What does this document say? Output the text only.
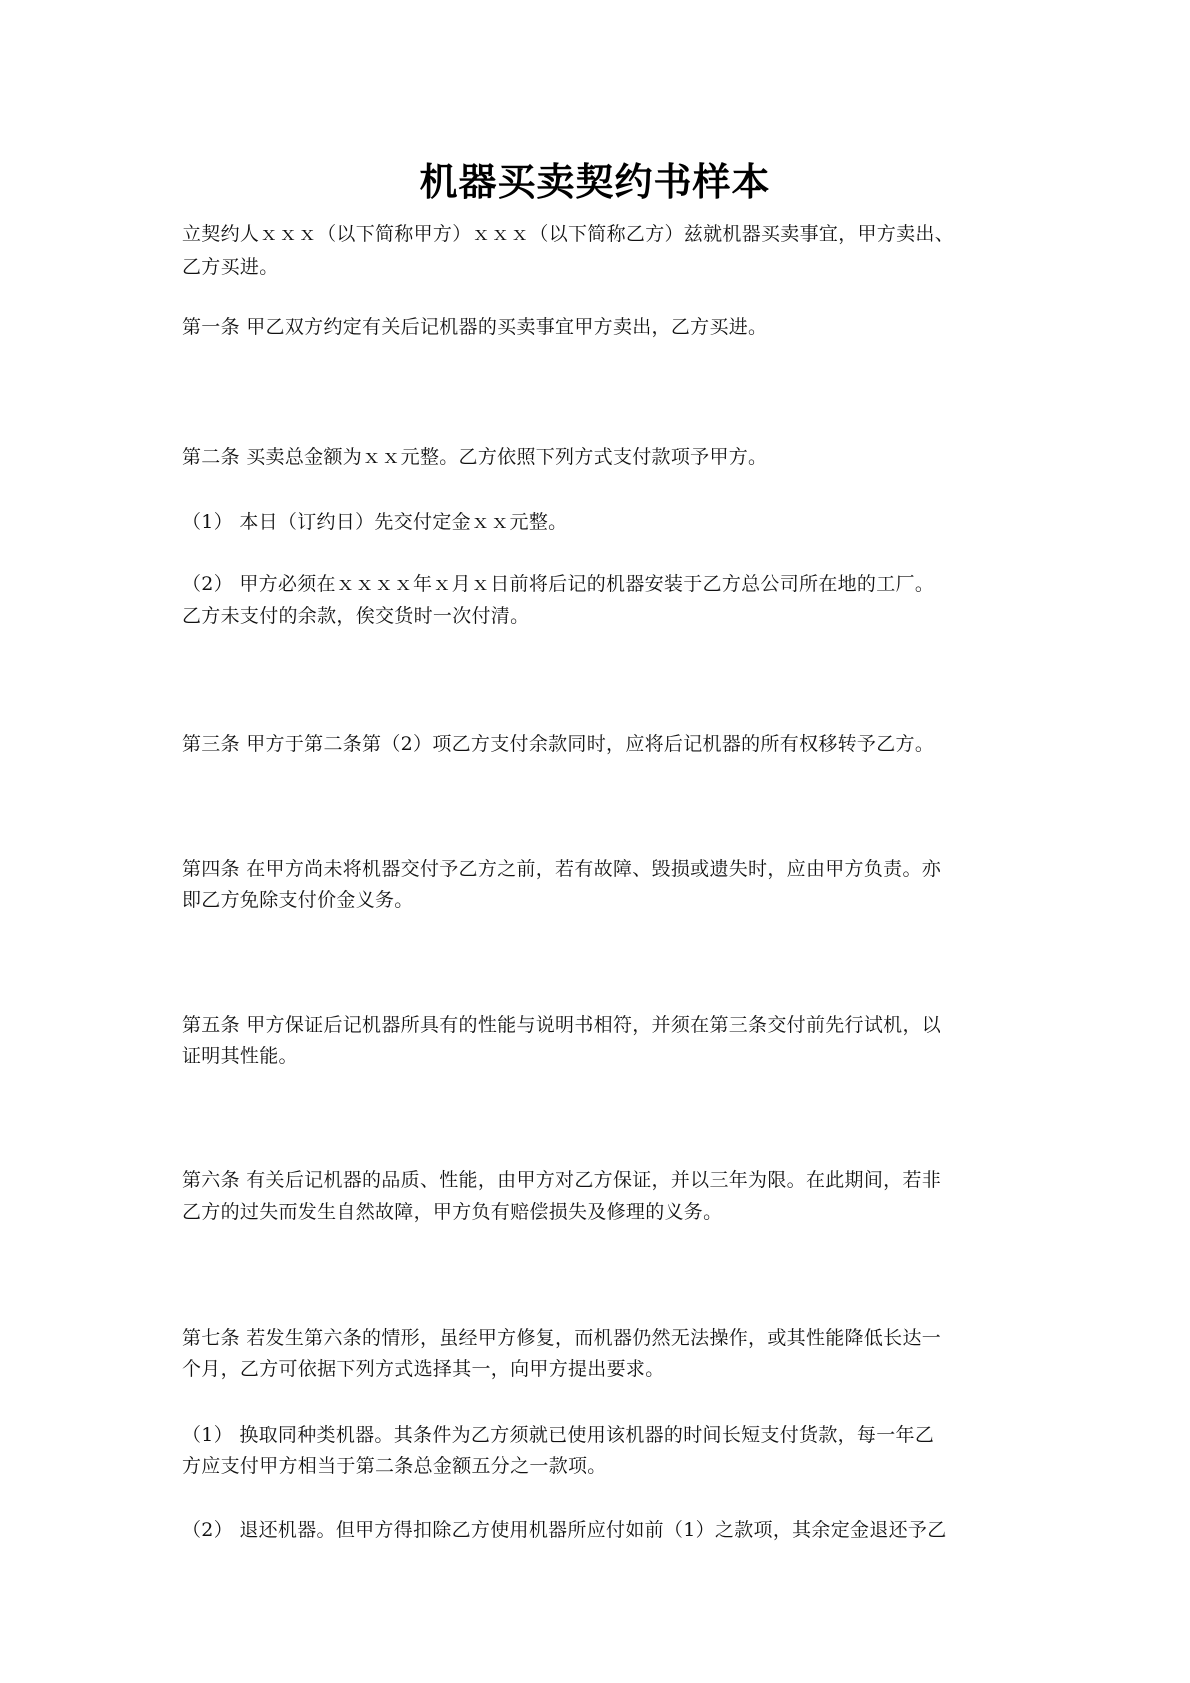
机器买卖契约书样本
立契约人ｘｘｘ（以下简称甲方）ｘｘｘ（以下简称乙方）兹就机器买卖事宜，甲方卖出、
乙方买进。
第一条 甲乙双方约定有关后记机器的买卖事宜甲方卖出，乙方买进。
第二条 买卖总金额为ｘｘ元整。乙方依照下列方式支付款项予甲方。
（1） 本日（订约日）先交付定金ｘｘ元整。
（2） 甲方必须在ｘｘｘｘ年ｘ月ｘ日前将后记的机器安装于乙方总公司所在地的工厂。
乙方未支付的余款，俟交货时一次付清。
第三条 甲方于第二条第（2）项乙方支付余款同时，应将后记机器的所有权移转予乙方。
第四条 在甲方尚未将机器交付予乙方之前，若有故障、毁损或遗失时，应由甲方负责。亦
即乙方免除支付价金义务。
第五条 甲方保证后记机器所具有的性能与说明书相符，并须在第三条交付前先行试机，以
证明其性能。
第六条 有关后记机器的品质、性能，由甲方对乙方保证，并以三年为限。在此期间，若非
乙方的过失而发生自然故障，甲方负有赔偿损失及修理的义务。
第七条 若发生第六条的情形，虽经甲方修复，而机器仍然无法操作，或其性能降低长达一
个月，乙方可依据下列方式选择其一，向甲方提出要求。
（1） 换取同种类机器。其条件为乙方须就已使用该机器的时间长短支付货款，每一年乙
方应支付甲方相当于第二条总金额五分之一款项。
（2） 退还机器。但甲方得扣除乙方使用机器所应付如前（1）之款项，其余定金退还予乙
